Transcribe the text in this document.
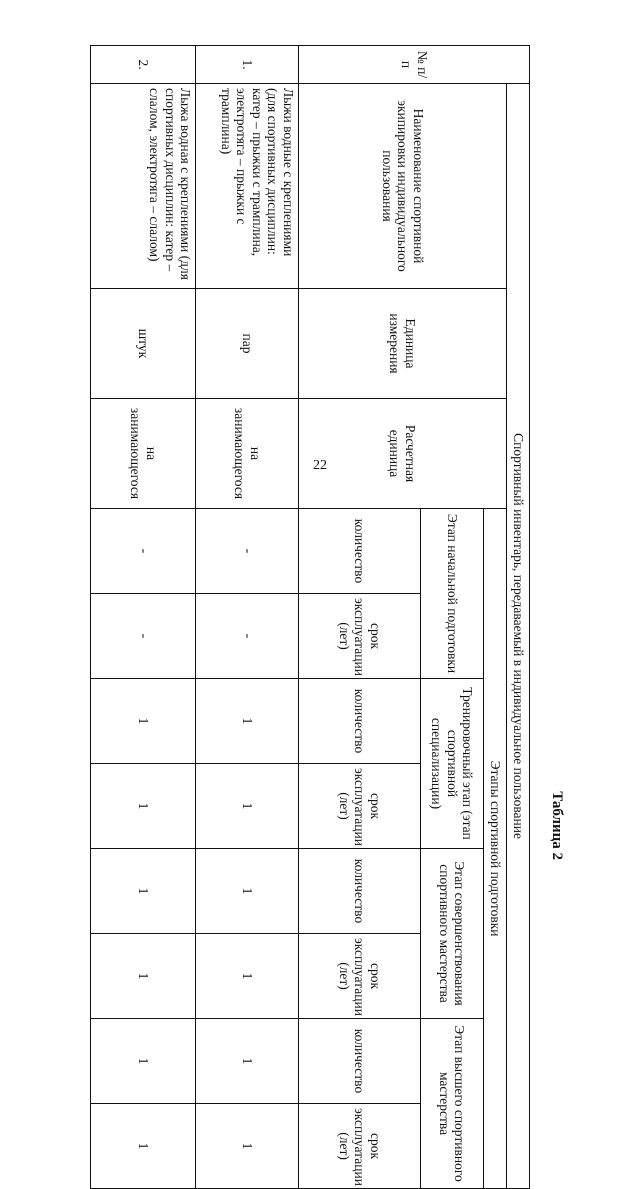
22
Таблица 2
№ п/п	Спортивный инвентарь, передаваемый в индивидуальное пользование										
	Наименование спортивной экипировки индивидуального пользования	Единица измерения	Расчетная единица	Этапы спортивной подготовки							
				Этап начальной подготовки		Тренировочный этап (этап спортивной специализации)		Этап совершенствования спортивного мастерства		Этап высшего спортивного мастерства	
				количество	срок эксплуатации (лет)	количество	срок эксплуатации (лет)	количество	срок эксплуатации (лет)	количество	срок эксплуатации (лет)
1.	Лыжи водные с креплениями (для спортивных дисциплин: катер – прыжки с трамплина, электротяга – прыжки с трамплина)	пар	на занимающегося	-	-	1	1	1	1	1	1
2.	Лыжа водная с креплениями (для спортивных дисциплин: катер – слалом, электротяга – слалом)	штук	на занимающегося	-	-	1	1	1	1	1	1
